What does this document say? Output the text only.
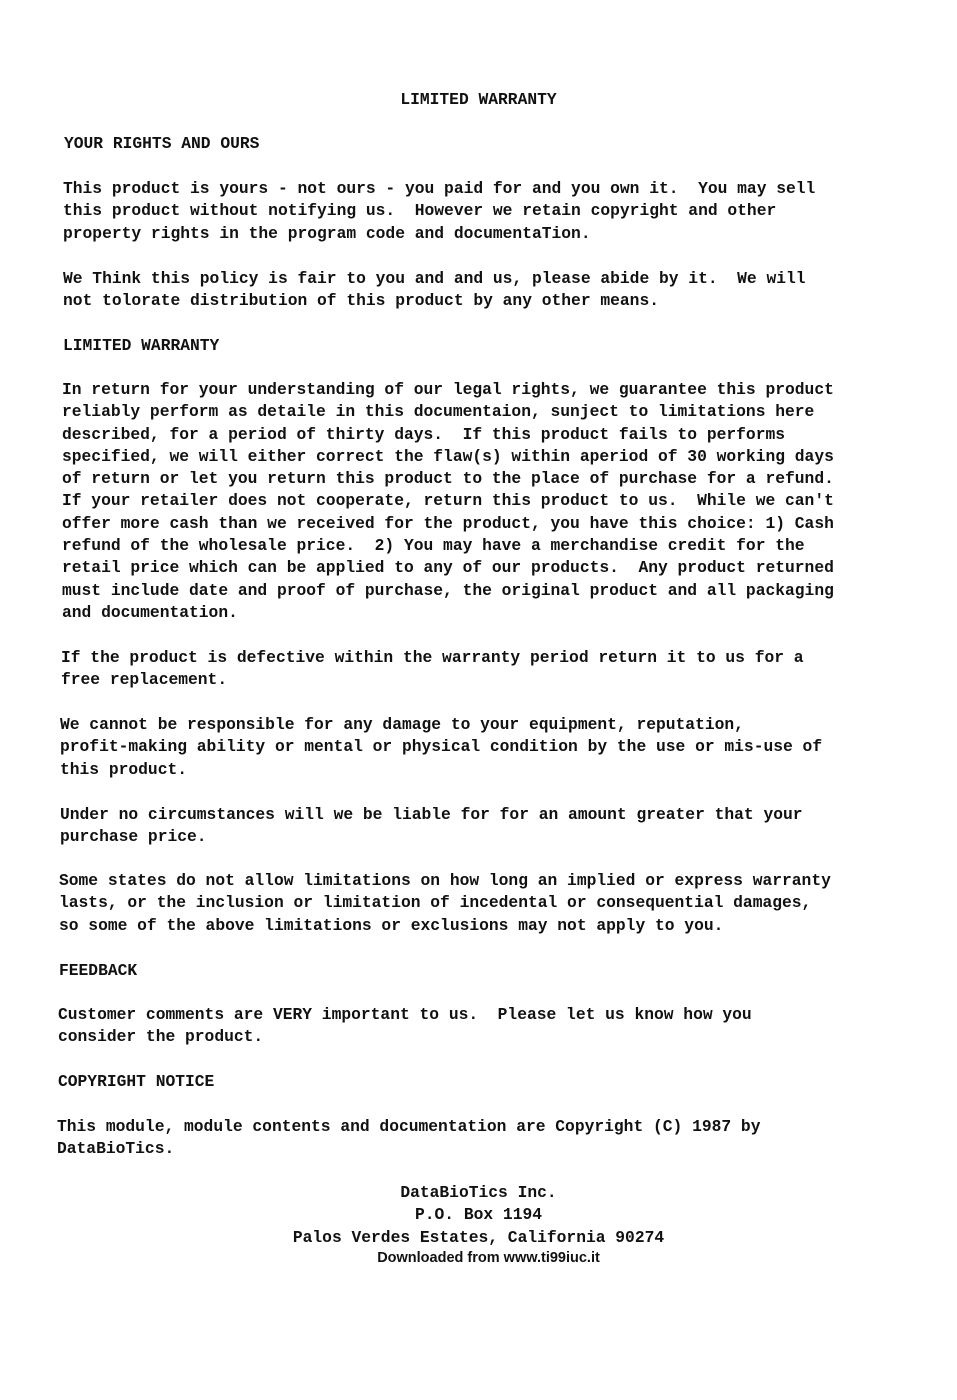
LIMITED WARRANTY
YOUR RIGHTS AND OURS
This product is yours - not ours - you paid for and you own it.  You may sell
this product without notifying us.  However we retain copyright and other
property rights in the program code and documentaTion.
We Think this policy is fair to you and and us, please abide by it.  We will
not tolorate distribution of this product by any other means.
LIMITED WARRANTY
In return for your understanding of our legal rights, we guarantee this product
reliably perform as detaile in this documentaion, sunject to limitations here
described, for a period of thirty days.  If this product fails to performs
specified, we will either correct the flaw(s) within aperiod of 30 working days
of return or let you return this product to the place of purchase for a refund.
If your retailer does not cooperate, return this product to us.  While we can't
offer more cash than we received for the product, you have this choice: 1) Cash
refund of the wholesale price.  2) You may have a merchandise credit for the
retail price which can be applied to any of our products.  Any product returned
must include date and proof of purchase, the original product and all packaging
and documentation.
If the product is defective within the warranty period return it to us for a
free replacement.
We cannot be responsible for any damage to your equipment, reputation,
profit-making ability or mental or physical condition by the use or mis-use of
this product.
Under no circumstances will we be liable for for an amount greater that your
purchase price.
Some states do not allow limitations on how long an implied or express warranty
lasts, or the inclusion or limitation of incedental or consequential damages,
so some of the above limitations or exclusions may not apply to you.
FEEDBACK
Customer comments are VERY important to us.  Please let us know how you
consider the product.
COPYRIGHT NOTICE
This module, module contents and documentation are Copyright (C) 1987 by
DataBioTics.
DataBioTics Inc.
P.O. Box 1194
Palos Verdes Estates, California 90274
Downloaded from www.ti99iuc.it
